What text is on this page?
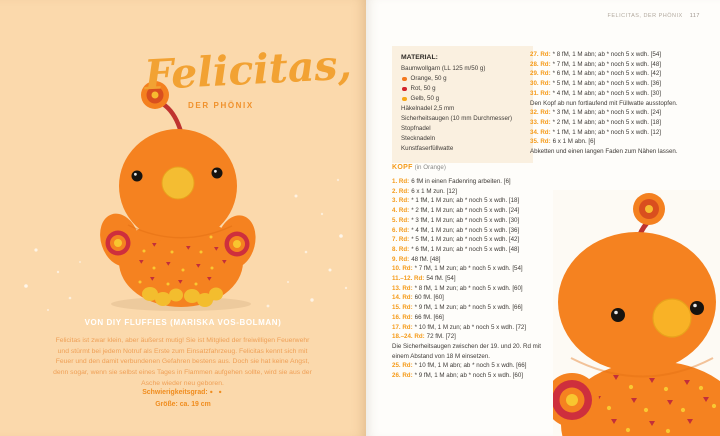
Felicitas,
DER PHÖNIX
VON DIY FLUFFIES (MARISKA VOS-BOLMAN)
Felicitas ist zwar klein, aber äußerst mutig! Sie ist Mitglied der freiwilligen Feuerwehr und stürmt bei jedem Notruf als Erste zum Einsatzfahrzeug. Felicitas kennt sich mit Feuer und den damit verbundenen Gefahren bestens aus. Doch sie hat keine Angst, denn sogar, wenn sie selbst eines Tages in Flammen aufgehen sollte, wird sie aus der Asche wieder neu geboren.
Schwierigkeitsgrad: ● ●
Größe: ca. 19 cm
FELICITAS, DER PHÖNIX 117
MATERIAL:
Baumwollgarn (LL 125 m/50 g)
Orange, 50 g
Rot, 50 g
Gelb, 50 g
Häkelnadel 2,5 mm
Sicherheitsaugen (10 mm Durchmesser)
Stopfnadel
Stecknadeln
Kunstfaserfüllwatte
KOPF (in Orange)
1. Rd: 6 fM in einen Fadenring arbeiten. [6]
2. Rd: 6 x 1 M zun. [12]
3. Rd: * 1 fM, 1 M zun; ab * noch 5 x wdh. [18]
4. Rd: * 2 fM, 1 M zun; ab * noch 5 x wdh. [24]
5. Rd: * 3 fM, 1 M zun; ab * noch 5 x wdh. [30]
6. Rd: * 4 fM, 1 M zun; ab * noch 5 x wdh. [36]
7. Rd: * 5 fM, 1 M zun; ab * noch 5 x wdh. [42]
8. Rd: * 6 fM, 1 M zun; ab * noch 5 x wdh. [48]
9. Rd: 48 fM. [48]
10. Rd: * 7 fM, 1 M zun; ab * noch 5 x wdh. [54]
11.–12. Rd: 54 fM. [54]
13. Rd: * 8 fM, 1 M zun; ab * noch 5 x wdh. [60]
14. Rd: 60 fM. [60]
15. Rd: * 9 fM, 1 M zun; ab * noch 5 x wdh. [66]
16. Rd: 66 fM. [66]
17. Rd: * 10 fM, 1 M zun; ab * noch 5 x wdh. [72]
18.–24. Rd: 72 fM. [72]
Die Sicherheitsaugen zwischen der 19. und 20. Rd mit einem Abstand von 18 M einsetzen.
25. Rd: * 10 fM, 1 M abn; ab * noch 5 x wdh. [66]
26. Rd: * 9 fM, 1 M abn; ab * noch 5 x wdh. [60]
27. Rd: * 8 fM, 1 M abn; ab * noch 5 x wdh. [54]
28. Rd: * 7 fM, 1 M abn; ab * noch 5 x wdh. [48]
29. Rd: * 6 fM, 1 M abn; ab * noch 5 x wdh. [42]
30. Rd: * 5 fM, 1 M abn; ab * noch 5 x wdh. [36]
31. Rd: * 4 fM, 1 M abn; ab * noch 5 x wdh. [30]
Den Kopf ab nun fortlaufend mit Füllwatte ausstopfen.
32. Rd: * 3 fM, 1 M abn; ab * noch 5 x wdh. [24]
33. Rd: * 2 fM, 1 M abn; ab * noch 5 x wdh. [18]
34. Rd: * 1 fM, 1 M abn; ab * noch 5 x wdh. [12]
35. Rd: 6 x 1 M abn. [6]
Abketten und einen langen Faden zum Nähen lassen.
